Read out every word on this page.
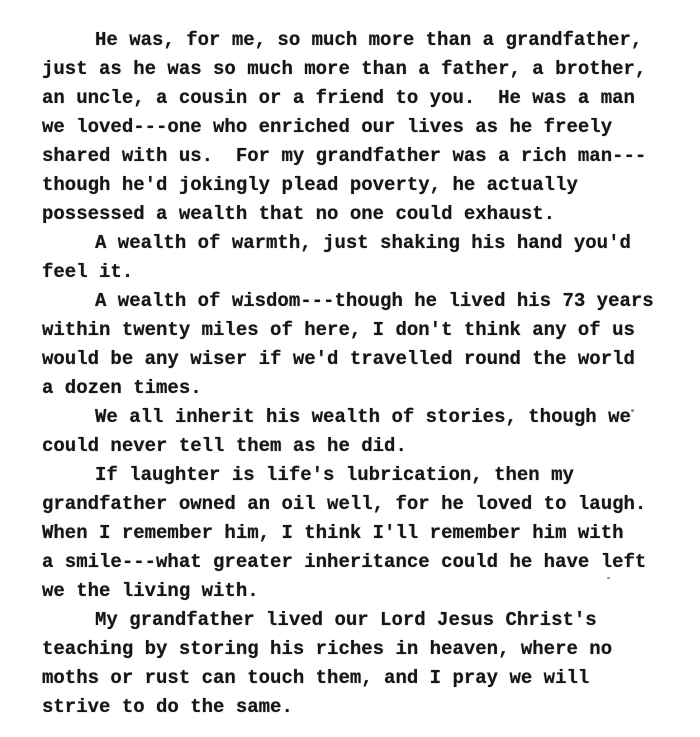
He was, for me, so much more than a grandfather,
just as he was so much more than a father, a brother,
an uncle, a cousin or a friend to you.  He was a man
we loved---one who enriched our lives as he freely
shared with us.  For my grandfather was a rich man---
though he'd jokingly plead poverty, he actually
possessed a wealth that no one could exhaust.
A wealth of warmth, just shaking his hand you'd
feel it.
A wealth of wisdom---though he lived his 73 years
within twenty miles of here, I don't think any of us
would be any wiser if we'd travelled round the world
a dozen times.
We all inherit his wealth of stories, though we
could never tell them as he did.
If laughter is life's lubrication, then my
grandfather owned an oil well, for he loved to laugh.
When I remember him, I think I'll remember him with
a smile---what greater inheritance could he have left
we the living with.
My grandfather lived our Lord Jesus Christ's
teaching by storing his riches in heaven, where no
moths or rust can touch them, and I pray we will
strive to do the same.
